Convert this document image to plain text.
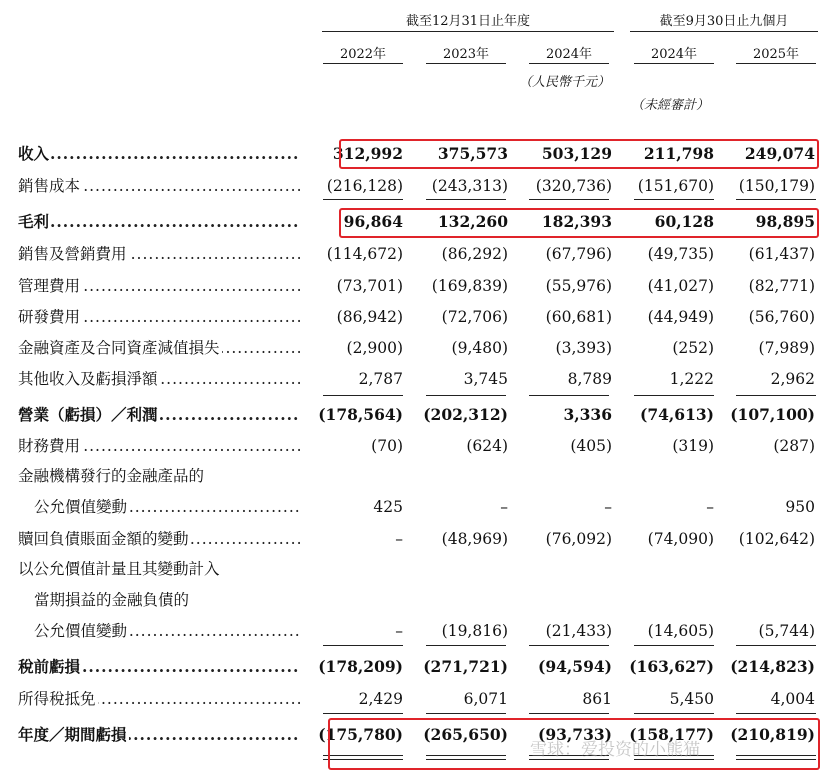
截至12月31日止年度	截至9月30日止九個月
2022年	2023年	2024年	2024年	2025年
（人民幣千元）
（未經審計）
收入 .....	312,992	375,573	503,129	211,798	249,074
銷售成本 .....	(216,128)	(243,313)	(320,736)	(151,670)	(150,179)
毛利 .....	96,864	132,260	182,393	60,128	98,895
銷售及營銷費用 .....	(114,672)	(86,292)	(67,796)	(49,735)	(61,437)
管理費用 .....	(73,701)	(169,839)	(55,976)	(41,027)	(82,771)
研發費用 .....	(86,942)	(72,706)	(60,681)	(44,949)	(56,760)
金融資產及合同資產減值損失 .....	(2,900)	(9,480)	(3,393)	(252)	(7,989)
其他收入及虧損淨額 .....	2,787	3,745	8,789	1,222	2,962
營業（虧損）／利潤 .....	(178,564)	(202,312)	3,336	(74,613)	(107,100)
財務費用 .....	(70)	(624)	(405)	(319)	(287)
金融機構發行的金融產品的
公允價值變動 .....	425	–	–	–	950
贖回負債賬面金額的變動 .....	–	(48,969)	(76,092)	(74,090)	(102,642)
以公允價值計量且其變動計入
當期損益的金融負債的
公允價值變動 .....	–	(19,816)	(21,433)	(14,605)	(5,744)
稅前虧損 .....	(178,209)	(271,721)	(94,594)	(163,627)	(214,823)
所得稅抵免 .....	2,429	6,071	861	5,450	4,004
年度／期間虧損 .....	(175,780)	(265,650)	(93,733)	(158,177)	(210,819)
雪球：爱投资的小熊猫
